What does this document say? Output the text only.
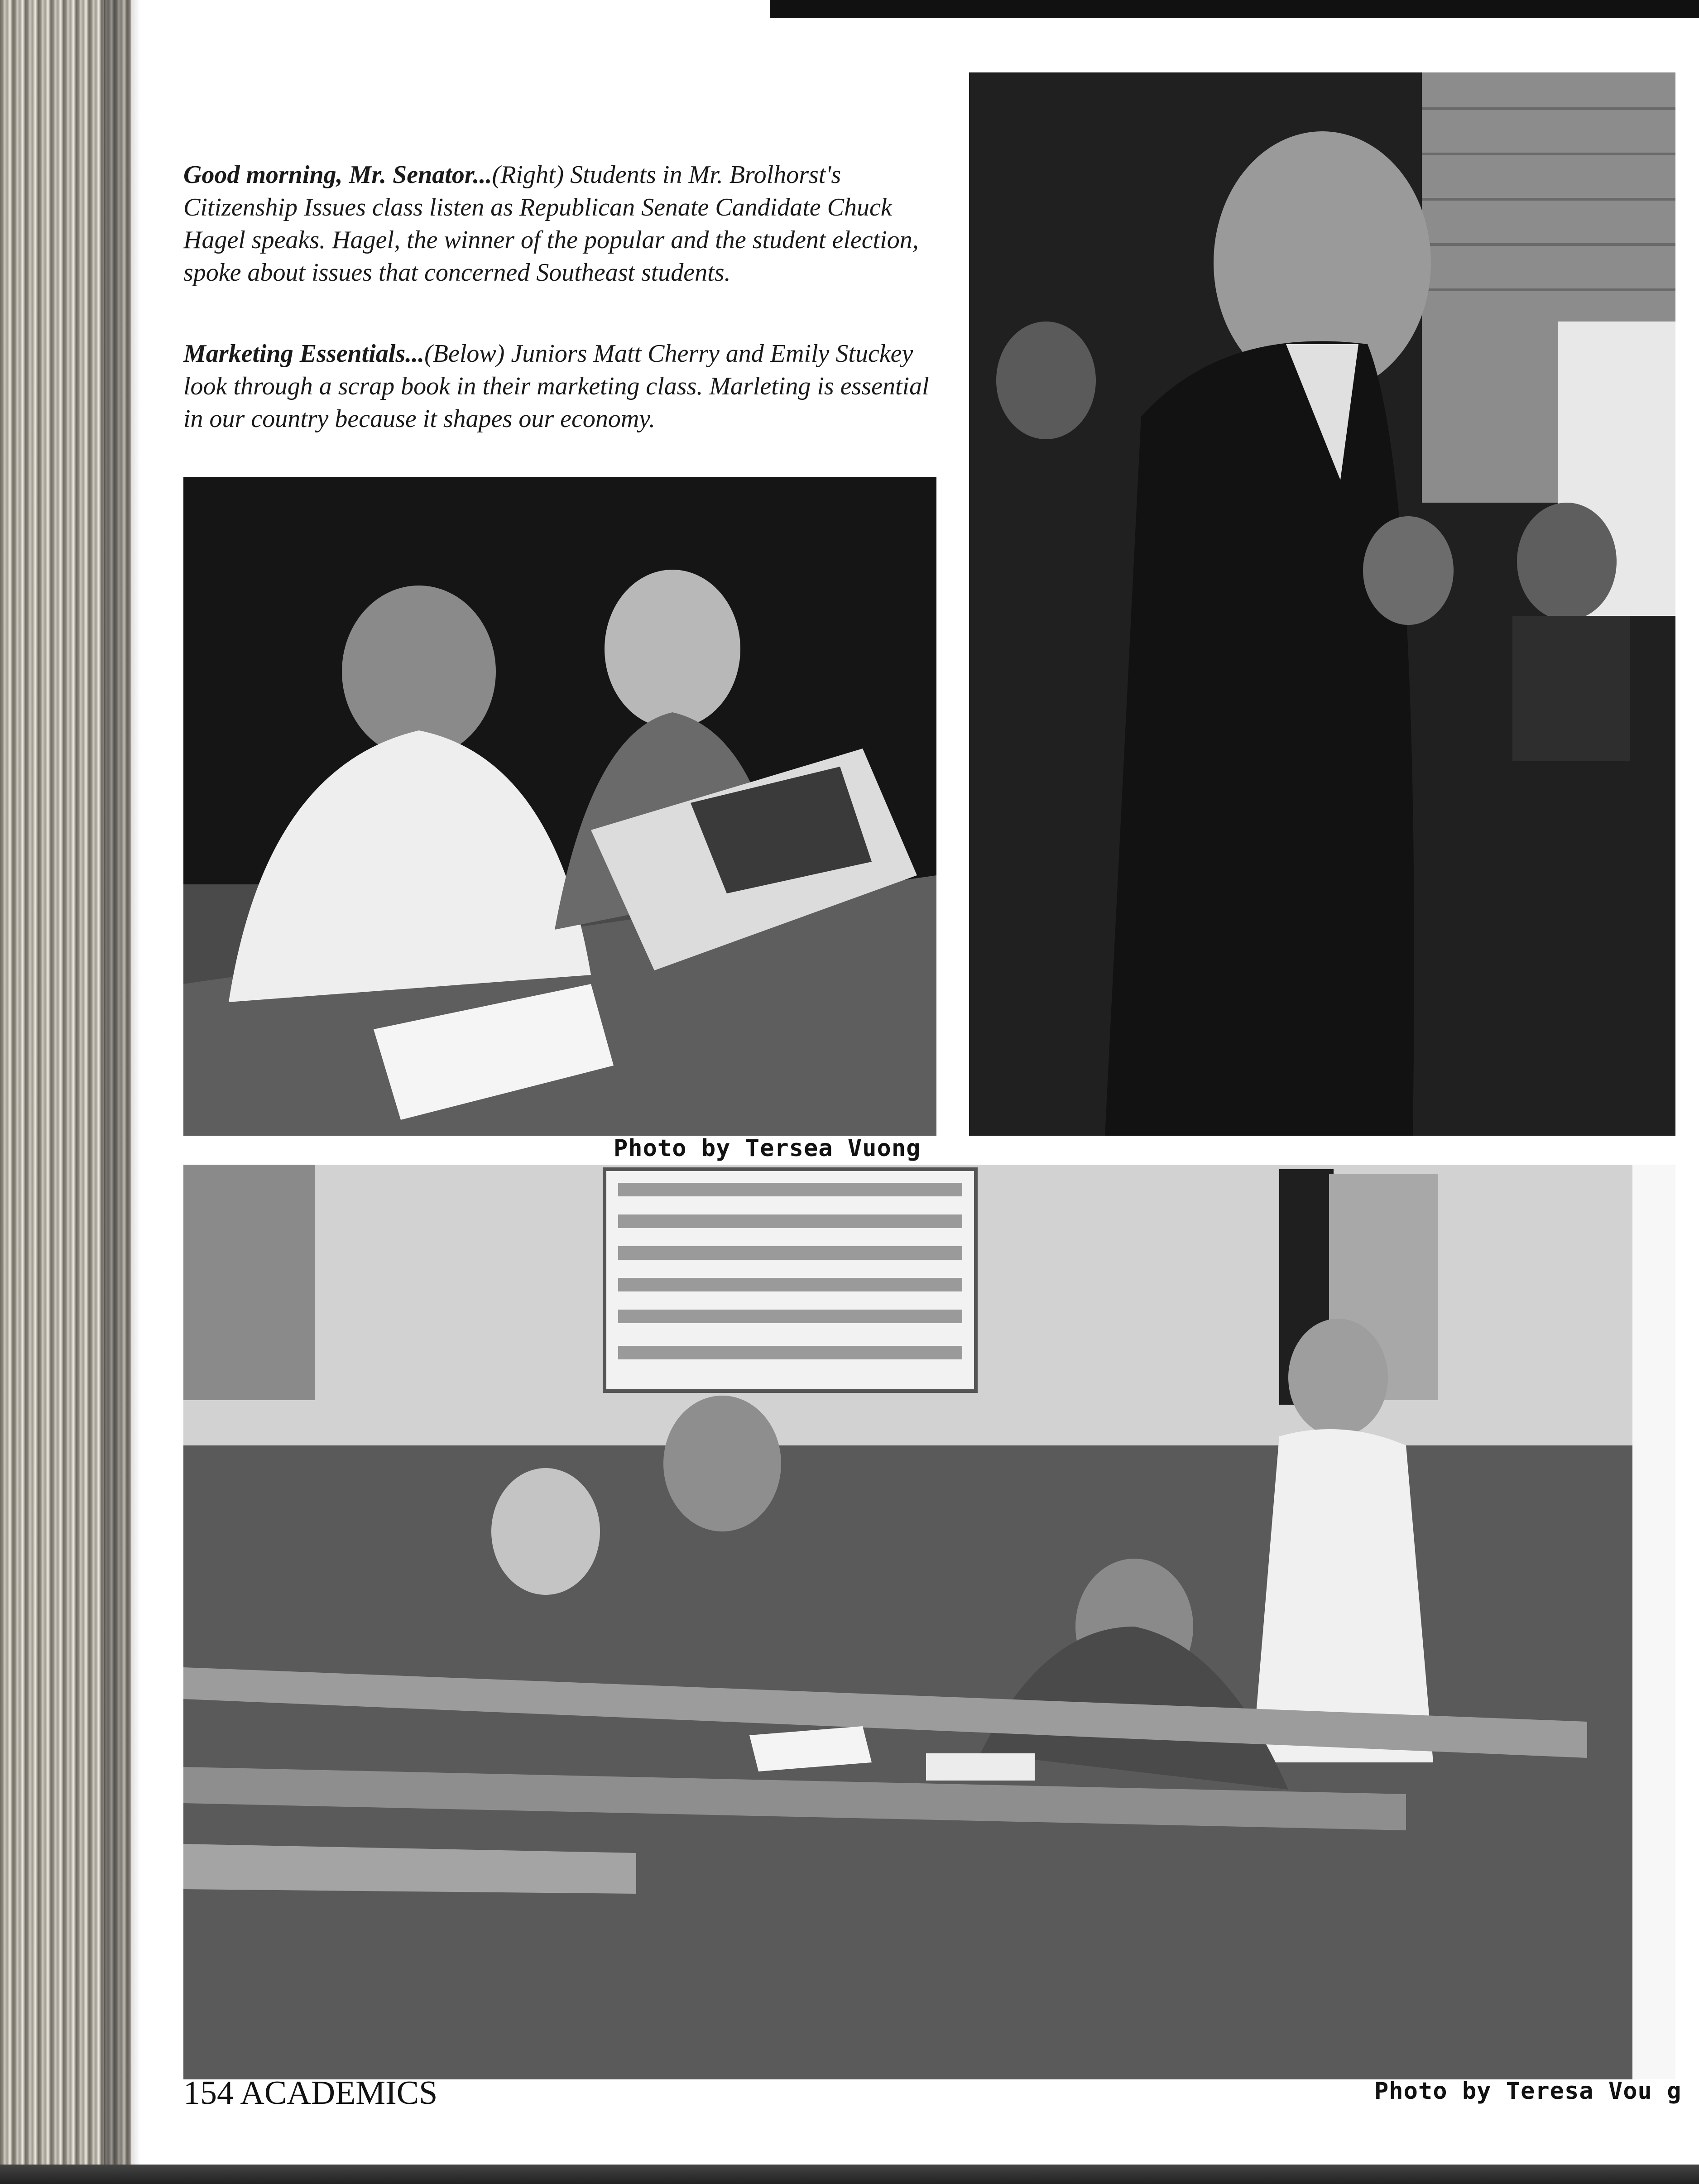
Good morning, Mr. Senator...(Right) Students in Mr. Brolhorst's Citizenship Issues class listen as Republican Senate Candidate Chuck Hagel speaks. Hagel, the winner of the popular and the student election, spoke about issues that concerned Southeast students.
Marketing Essentials...(Below) Juniors Matt Cherry and Emily Stuckey look through a scrap book in their marketing class. Marleting is essential in our country because it shapes our economy.
Photo by Tersea Vuong
154 ACADEMICS	Photo by Teresa Vou g
